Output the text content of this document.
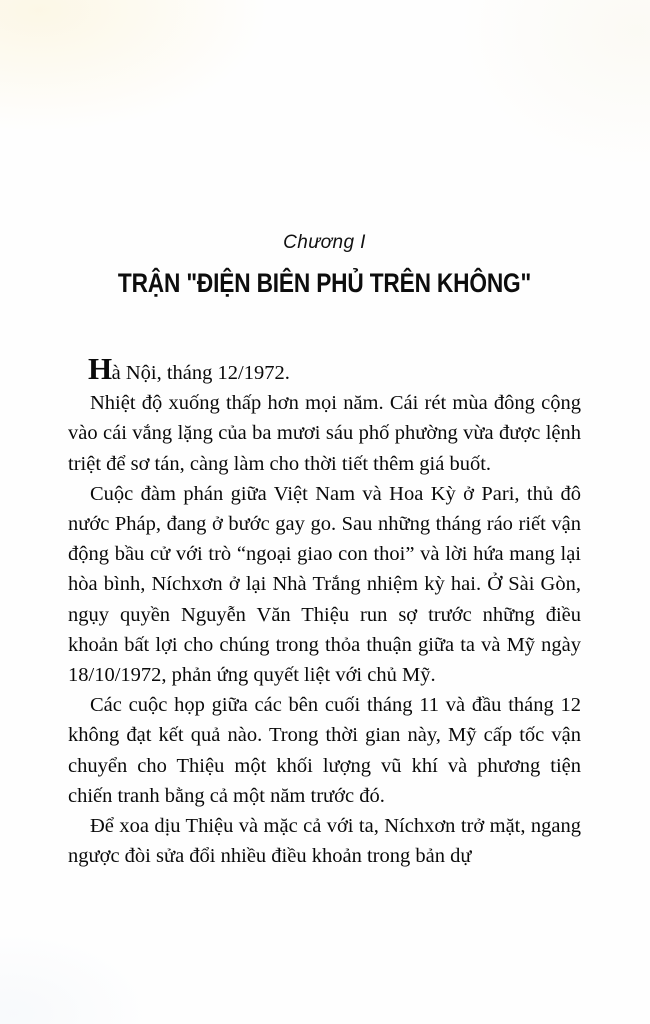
Chương I
TRẬN "ĐIỆN BIÊN PHỦ TRÊN KHÔNG"

Hà Nội, tháng 12/1972.

Nhiệt độ xuống thấp hơn mọi năm. Cái rét mùa đông cộng vào cái vắng lặng của ba mươi sáu phố phường vừa được lệnh triệt để sơ tán, càng làm cho thời tiết thêm giá buốt.

Cuộc đàm phán giữa Việt Nam và Hoa Kỳ ở Pari, thủ đô nước Pháp, đang ở bước gay go. Sau những tháng ráo riết vận động bầu cử với trò “ngoại giao con thoi” và lời hứa mang lại hòa bình, Níchxơn ở lại Nhà Trắng nhiệm kỳ hai. Ở Sài Gòn, ngụy quyền Nguyễn Văn Thiệu run sợ trước những điều khoản bất lợi cho chúng trong thỏa thuận giữa ta và Mỹ ngày 18/10/1972, phản ứng quyết liệt với chủ Mỹ.

Các cuộc họp giữa các bên cuối tháng 11 và đầu tháng 12 không đạt kết quả nào. Trong thời gian này, Mỹ cấp tốc vận chuyển cho Thiệu một khối lượng vũ khí và phương tiện chiến tranh bằng cả một năm trước đó.

Để xoa dịu Thiệu và mặc cả với ta, Níchxơn trở mặt, ngang ngược đòi sửa đổi nhiều điều khoản trong bản dự
